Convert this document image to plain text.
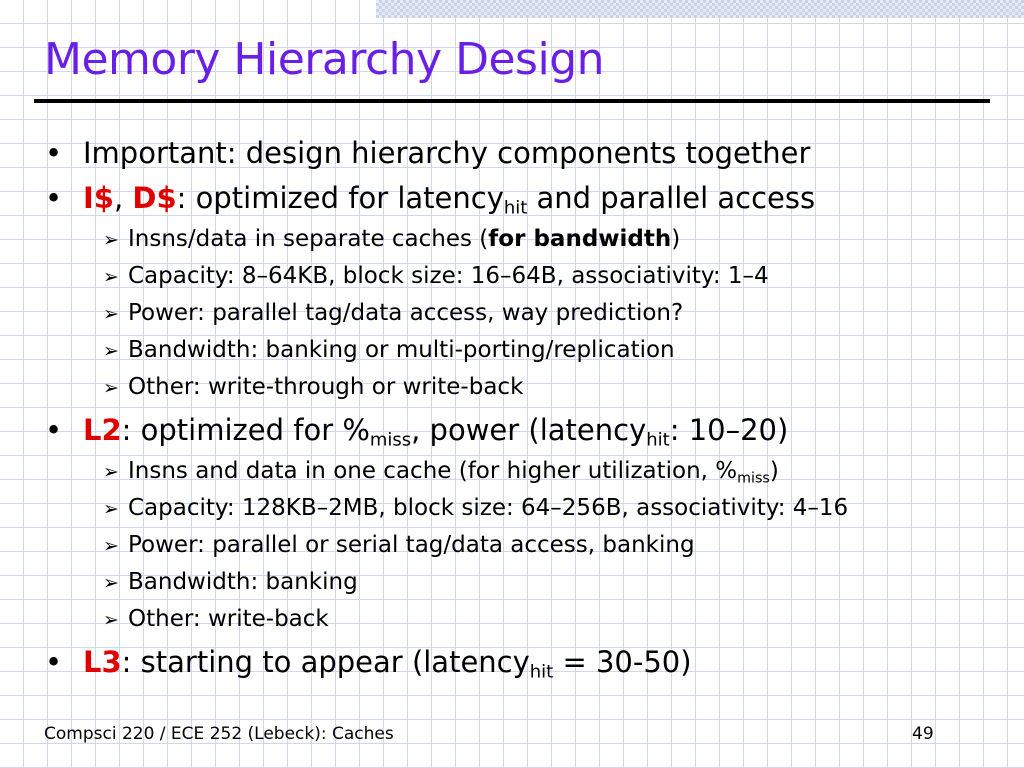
Memory Hierarchy Design
• Important: design hierarchy components together
• I$, D$: optimized for latency$_{hit}$ and parallel access
➢ Insns/data in separate caches (for bandwidth)
➢ Capacity: 8–64KB, block size: 16–64B, associativity: 1–4
➢ Power: parallel tag/data access, way prediction?
➢ Bandwidth: banking or multi-porting/replication
➢ Other: write-through or write-back
• L2: optimized for $\%_{miss}$, power (latency$_{hit}$: 10–20)
➢ Insns and data in one cache (for higher utilization, $\%_{miss}$)
➢ Capacity: 128KB–2MB, block size: 64–256B, associativity: 4–16
➢ Power: parallel or serial tag/data access, banking
➢ Bandwidth: banking
➢ Other: write-back
• L3: starting to appear (latency$_{hit}$ = 30-50)
Compsci 220 / ECE 252 (Lebeck): Caches	49
